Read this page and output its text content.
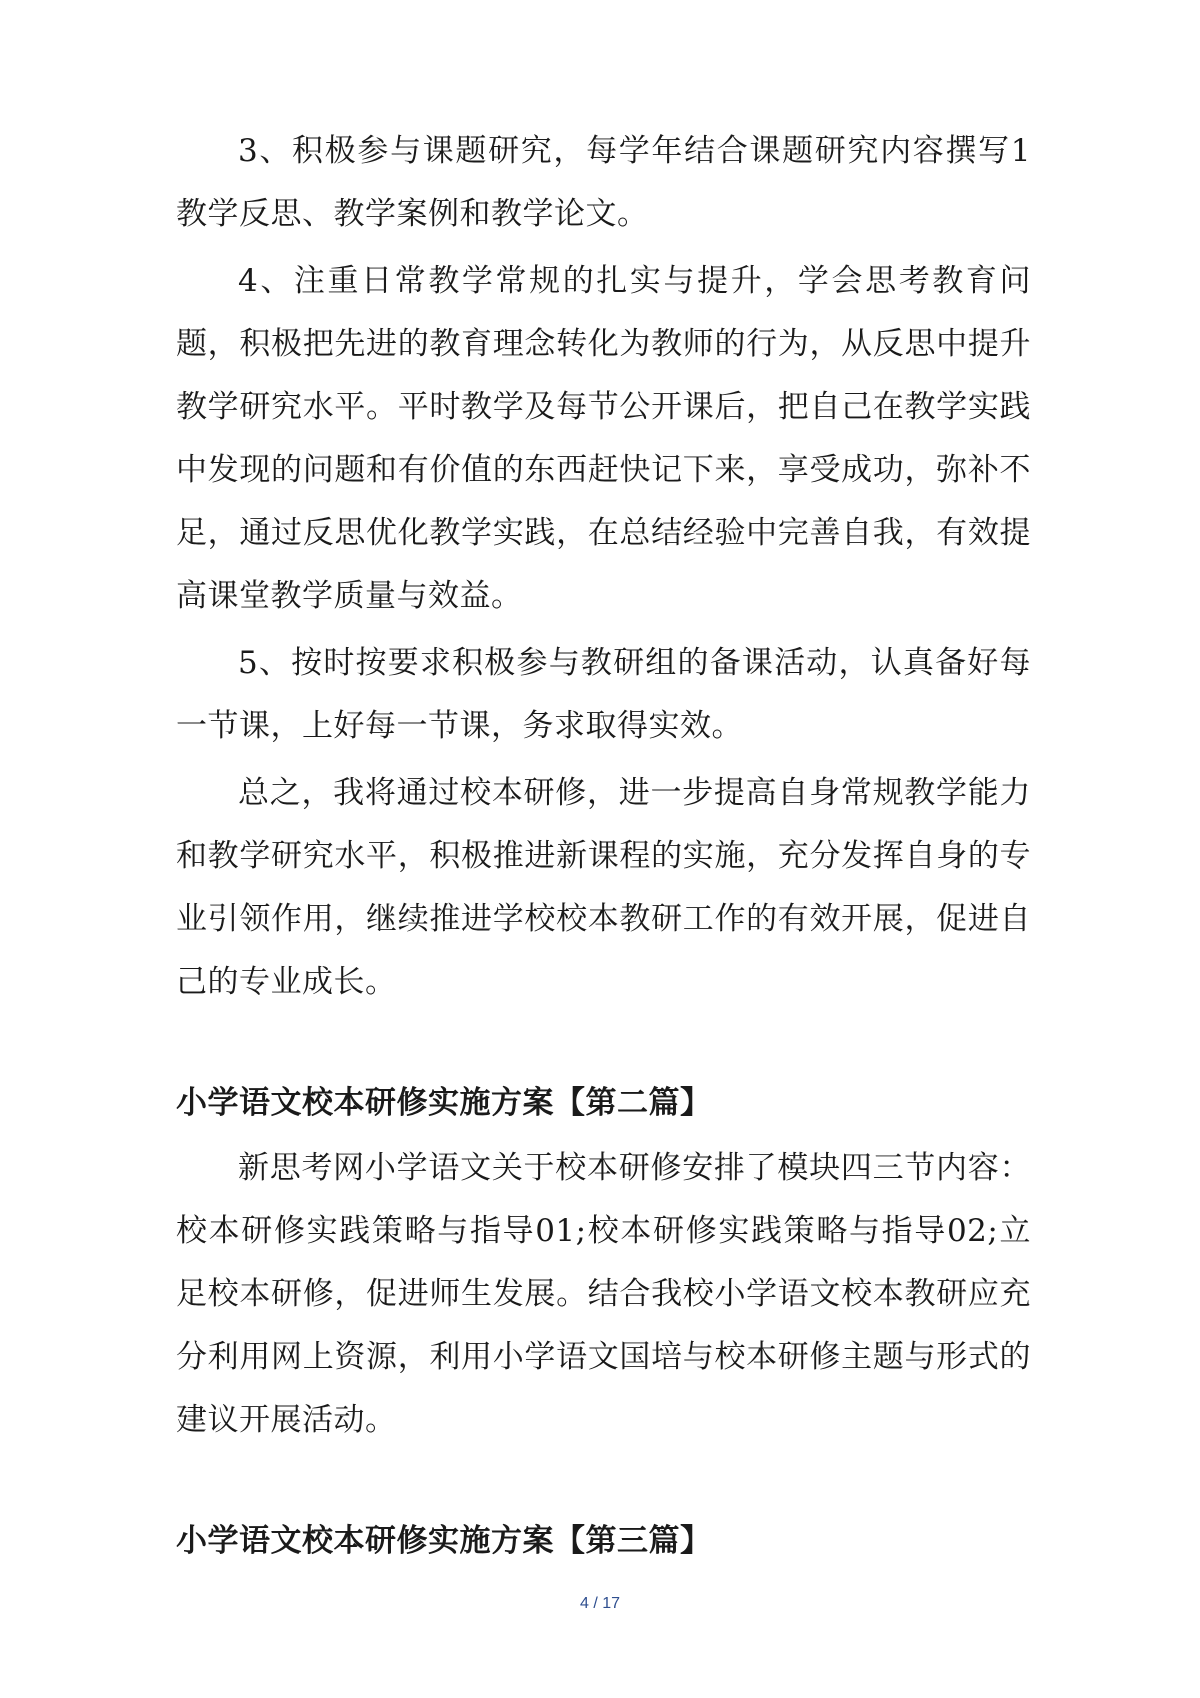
3、积极参与课题研究，每学年结合课题研究内容撰写1教学反思、教学案例和教学论文。

4、注重日常教学常规的扎实与提升，学会思考教育问题，积极把先进的教育理念转化为教师的行为，从反思中提升教学研究水平。平时教学及每节公开课后，把自己在教学实践中发现的问题和有价值的东西赶快记下来，享受成功，弥补不足，通过反思优化教学实践，在总结经验中完善自我，有效提高课堂教学质量与效益。

5、按时按要求积极参与教研组的备课活动，认真备好每一节课，上好每一节课，务求取得实效。

总之，我将通过校本研修，进一步提高自身常规教学能力和教学研究水平，积极推进新课程的实施，充分发挥自身的专业引领作用，继续推进学校校本教研工作的有效开展，促进自己的专业成长。

小学语文校本研修实施方案【第二篇】

新思考网小学语文关于校本研修安排了模块四三节内容：校本研修实践策略与指导01;校本研修实践策略与指导02;立足校本研修，促进师生发展。结合我校小学语文校本教研应充分利用网上资源，利用小学语文国培与校本研修主题与形式的建议开展活动。

小学语文校本研修实施方案【第三篇】
4 / 17
